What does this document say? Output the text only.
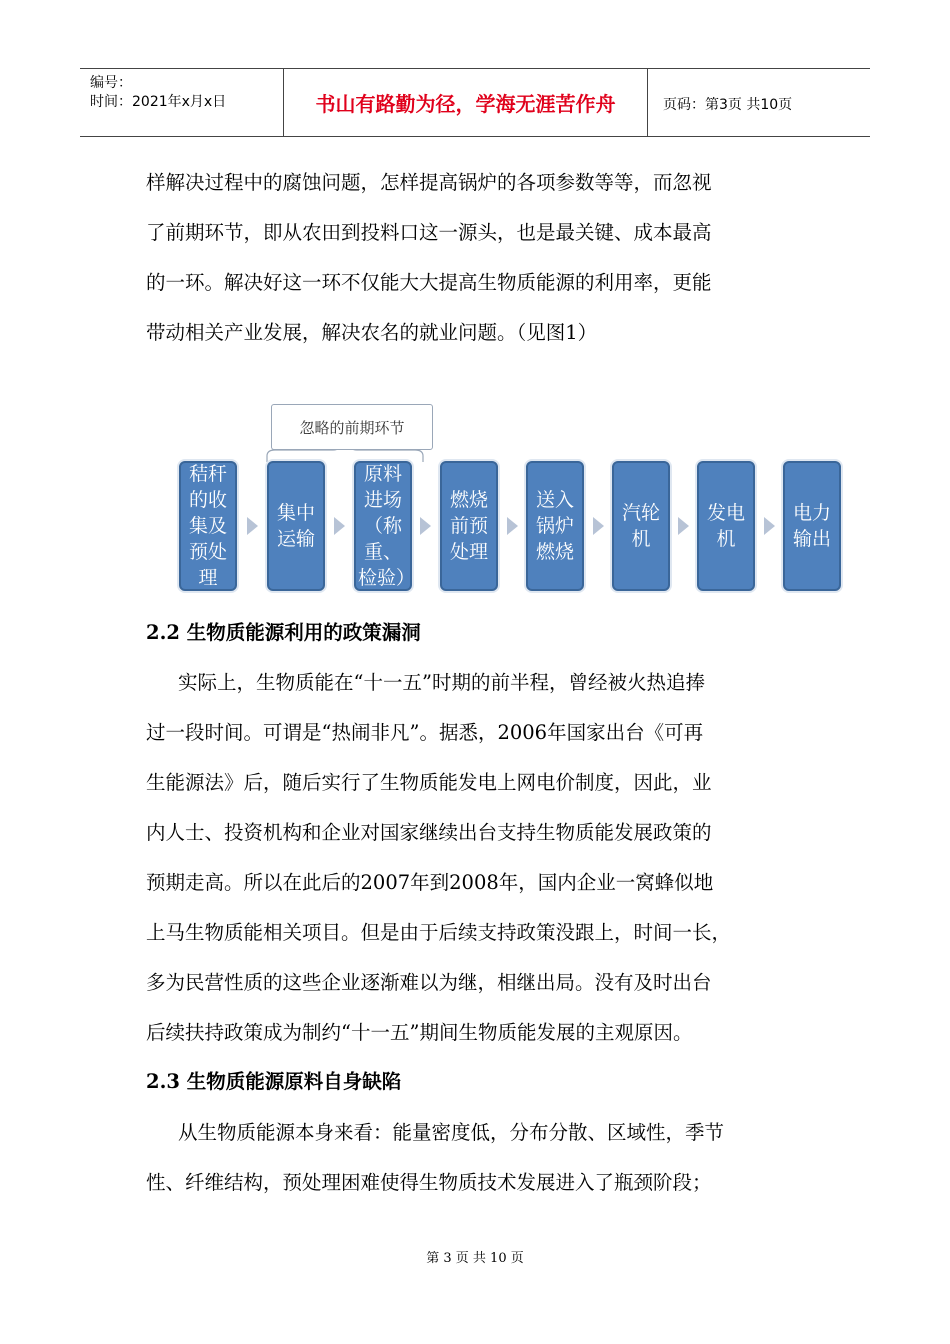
编号：
时间：2021年x月x日	书山有路勤为径，学海无涯苦作舟	页码：第3页 共10页
样解决过程中的腐蚀问题，怎样提高锅炉的各项参数等等，而忽视
了前期环节，即从农田到投料口这一源头，也是最关键、成本最高
的一环。解决好这一环不仅能大大提高生物质能源的利用率，更能
带动相关产业发展，解决农名的就业问题。（见图1）
忽略的前期环节
秸秆的收集及预处理
集中运输
原料进场（称重、检验）
燃烧前预处理
送入锅炉燃烧
汽轮机
发电机
电力输出
2.2 生物质能源利用的政策漏洞
实际上，生物质能在“十一五”时期的前半程，曾经被火热追捧
过一段时间。可谓是“热闹非凡”。据悉，2006年国家出台《可再
生能源法》后，随后实行了生物质能发电上网电价制度，因此，业
内人士、投资机构和企业对国家继续出台支持生物质能发展政策的
预期走高。所以在此后的2007年到2008年，国内企业一窝蜂似地
上马生物质能相关项目。但是由于后续支持政策没跟上，时间一长，
多为民营性质的这些企业逐渐难以为继，相继出局。没有及时出台
后续扶持政策成为制约“十一五”期间生物质能发展的主观原因。
2.3 生物质能源原料自身缺陷
从生物质能源本身来看：能量密度低，分布分散、区域性，季节
性、纤维结构，预处理困难使得生物质技术发展进入了瓶颈阶段；
第 3 页 共 10 页
